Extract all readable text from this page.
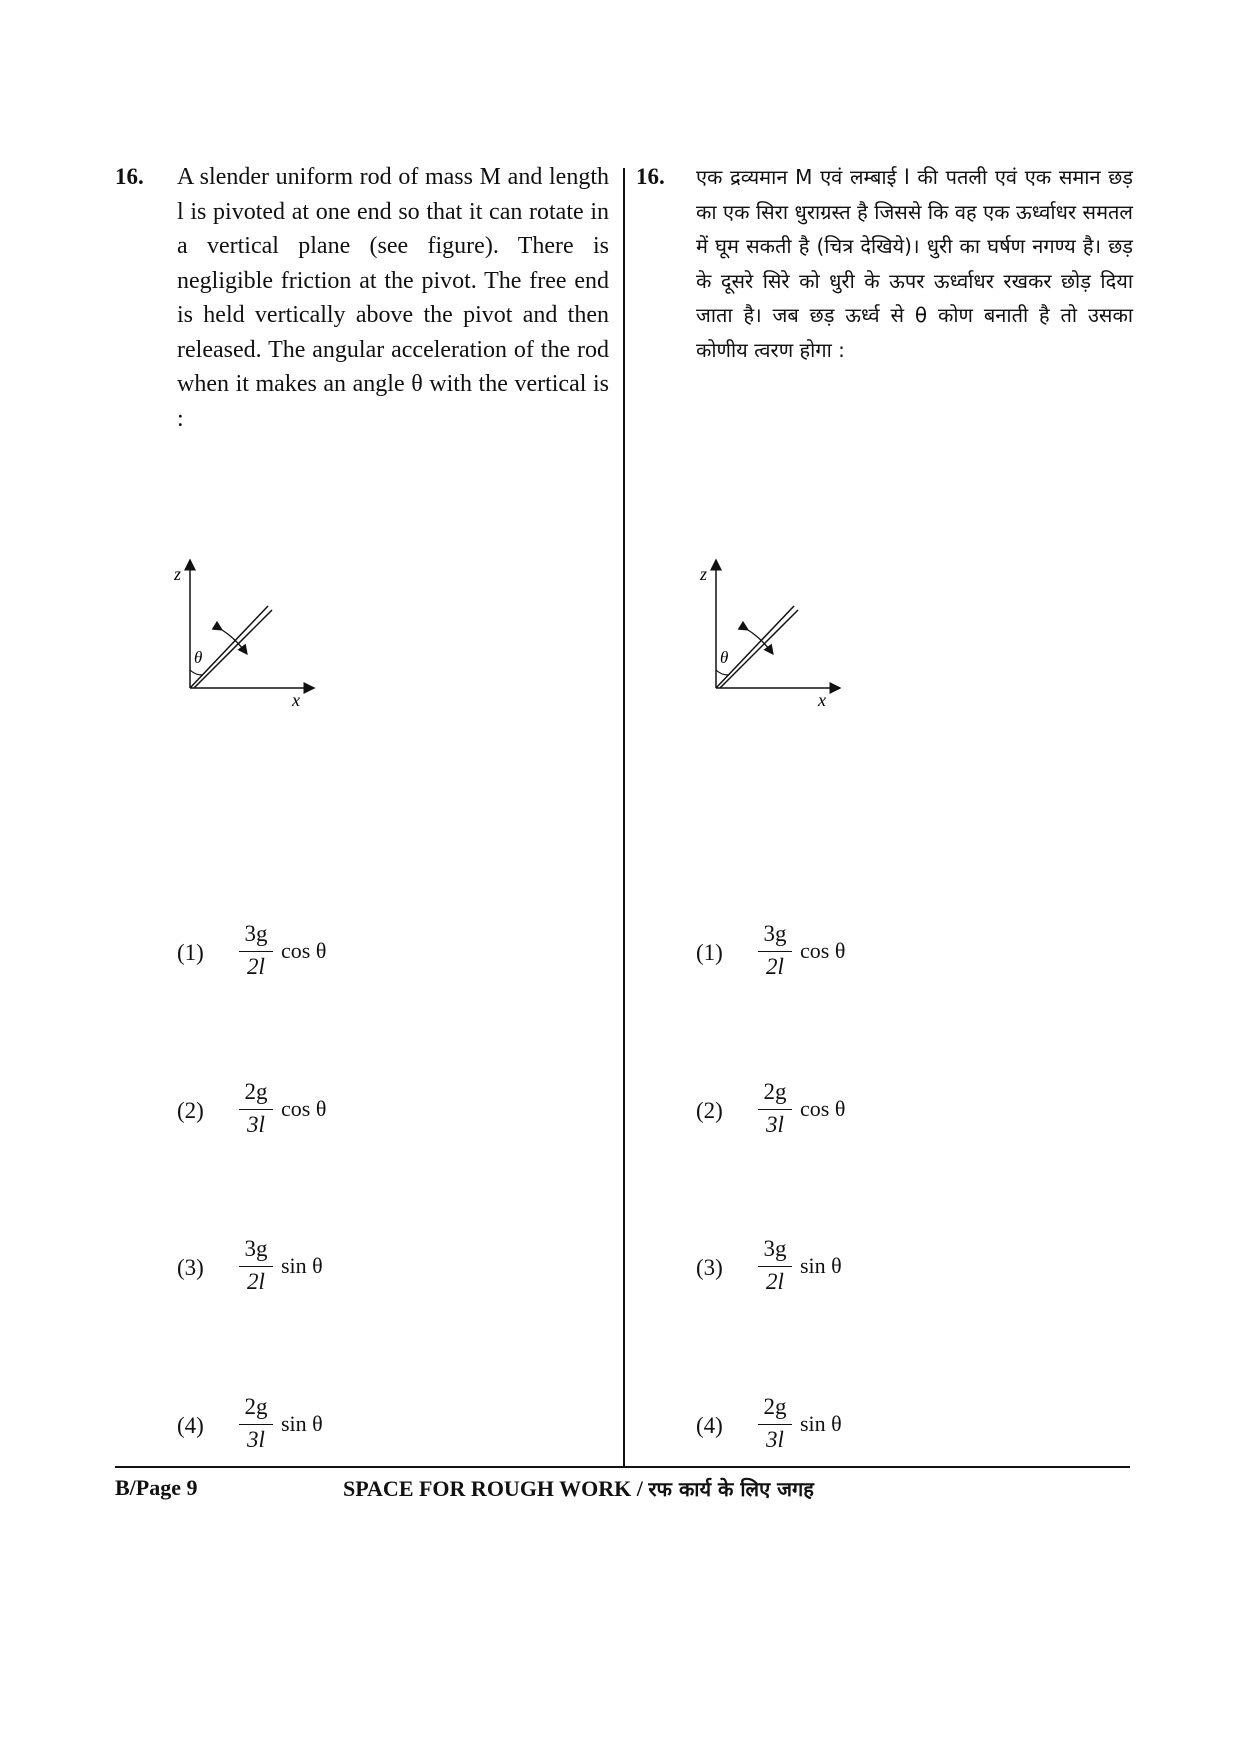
16. A slender uniform rod of mass M and length l is pivoted at one end so that it can rotate in a vertical plane (see figure). There is negligible friction at the pivot. The free end is held vertically above the pivot and then released. The angular acceleration of the rod when it makes an angle θ with the vertical is :
z
x
θ
$(1) \frac{3g}{2l}$ cos θ
$(2) \frac{2g}{3l}$ cos θ
$(3) \frac{3g}{2l}$ sin θ
$(4) \frac{2g}{3l}$ sin θ
16. एक द्रव्यमान M एवं लम्बाई l की पतली एवं एक समान छड़ का एक सिरा धुराग्रस्त है जिससे कि वह एक ऊर्ध्वाधर समतल में घूम सकती है (चित्र देखिये)। धुरी का घर्षण नगण्य है। छड़ के दूसरे सिरे को धुरी के ऊपर ऊर्ध्वाधर रखकर छोड़ दिया जाता है। जब छड़ ऊर्ध्व से θ कोण बनाती है तो उसका कोणीय त्वरण होगा :
z
x
θ
$(1) \frac{3g}{2l}$ cos θ
$(2) \frac{2g}{3l}$ cos θ
$(3) \frac{3g}{2l}$ sin θ
$(4) \frac{2g}{3l}$ sin θ
B/Page 9	SPACE FOR ROUGH WORK / रफ कार्य के लिए जगह
